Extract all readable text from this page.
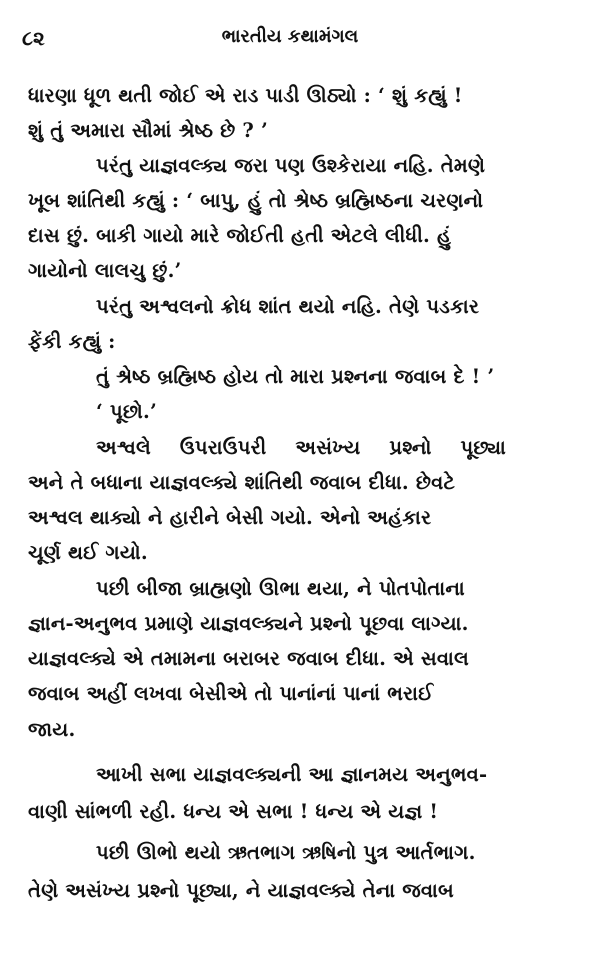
૮૨	ભારતીય કથામંગલ
ધારણા ધૂળ થતી જોઈ એ રાડ પાડી ઊઠ્યો : ‘ શું કહ્યું !
શું તું અમારા સૌમાં શ્રેષ્ઠ છે ? ’
પરંતુ યાજ્ઞવલ્ક્ય જરા પણ ઉશ્કેરાયા નહિ. તેમણે
ખૂબ શાંતિથી કહ્યું : ‘ બાપુ, હું તો શ્રેષ્ઠ બ્રહ્મિષ્ઠના ચરણનો
દાસ છું. બાકી ગાયો મારે જોઈતી હતી એટલે લીધી. હું
ગાયોનો લાલચુ છું.’
પરંતુ અશ્વલનો ક્રોધ શાંત થયો નહિ. તેણે પડકાર
ફેંકી કહ્યું :
તું શ્રેષ્ઠ બ્રહ્મિષ્ઠ હોય તો મારા પ્રશ્નના જવાબ દે ! ’
‘ પૂછો.’
અશ્વલે ઉપરાઉપરી અસંખ્ય પ્રશ્નો પૂછ્યા
અને તે બધાના યાજ્ઞવલ્ક્યે શાંતિથી જવાબ દીધા. છેવટે
અશ્વલ થાક્યો ને હારીને બેસી ગયો. એનો અહંકાર
ચૂર્ણ થઈ ગયો.
પછી બીજા બ્રાહ્મણો ઊભા થયા, ને પોતપોતાના
જ્ઞાન-અનુભવ પ્રમાણે યાજ્ઞવલ્ક્યને પ્રશ્નો પૂછવા લાગ્યા.
યાજ્ઞવલ્ક્યે એ તમામના બરાબર જવાબ દીધા. એ સવાલ
જવાબ અહીં લખવા બેસીએ તો પાનાંનાં પાનાં ભરાઈ
જાય.
આખી સભા યાજ્ઞવલ્ક્યની આ જ્ઞાનમય અનુભવ-
વાણી સાંભળી રહી. ધન્ય એ સભા ! ધન્ય એ યજ્ઞ !
પછી ઊભો થયો ઋતભાગ ઋષિનો પુત્ર આર્તભાગ.
તેણે અસંખ્ય પ્રશ્નો પૂછ્યા, ને યાજ્ઞવલ્ક્યે તેના જવાબ
